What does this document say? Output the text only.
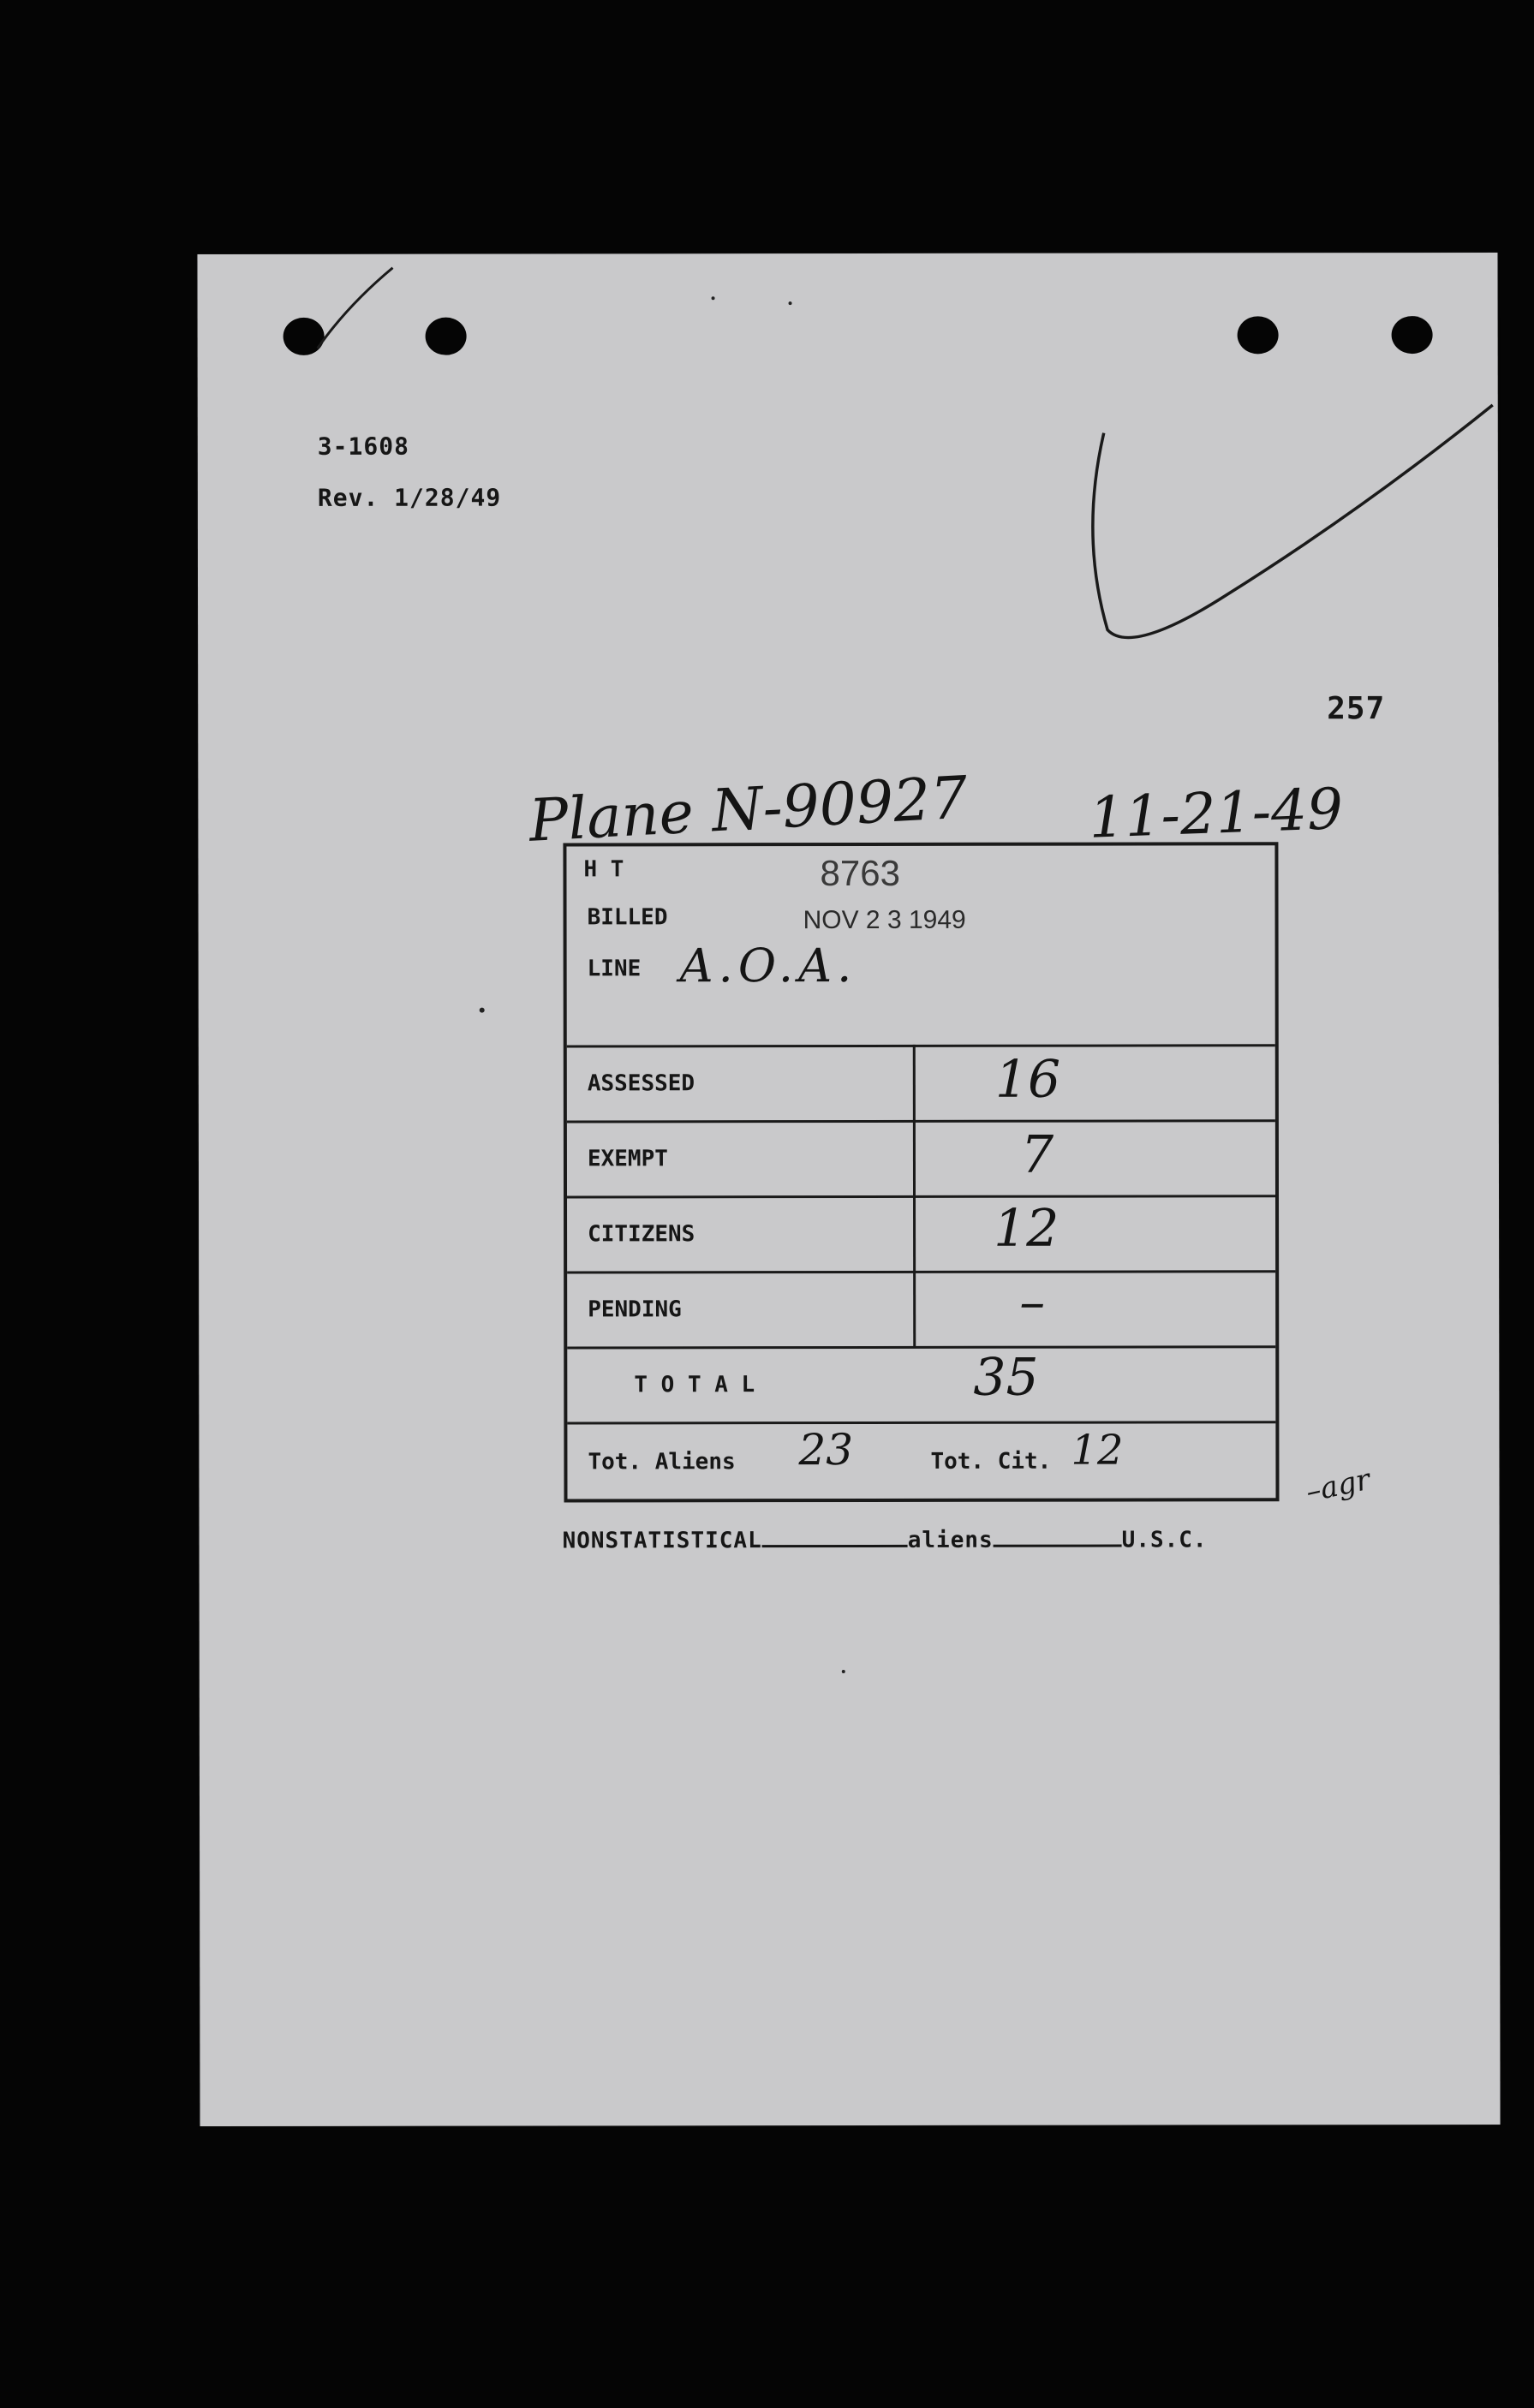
3-1608
Rev. 1/28/49
257
Plane N-90927 11-21-49
H T	8763
BILLED	NOV 2 3 1949
LINE A.O.A.
ASSESSED	16
EXEMPT	7
CITIZENS	12
PENDING	–
T O T A L	35
Tot. Aliens 23	Tot. Cit. 12
–agr
NONSTATISTICAL	aliens	U.S.C.
